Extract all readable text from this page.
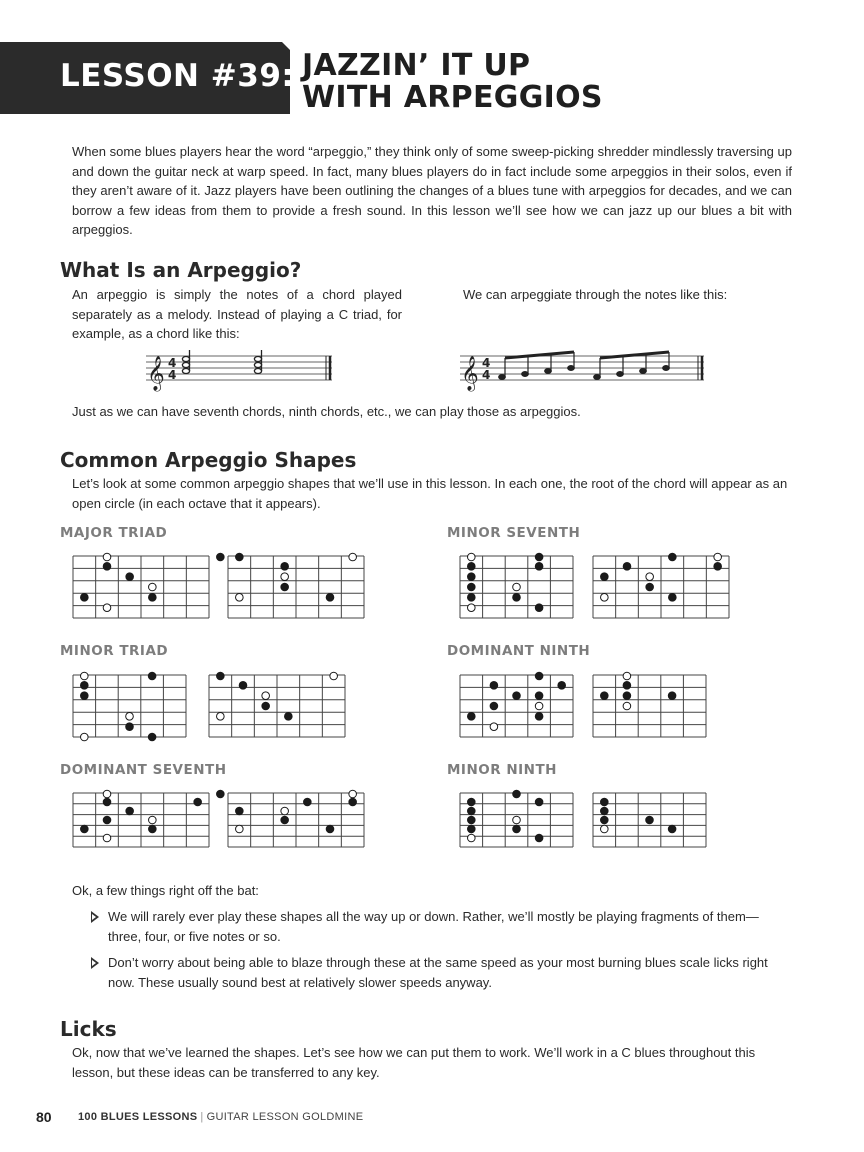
LESSON #39: JAZZIN’ IT UP
WITH ARPEGGIOS
When some blues players hear the word “arpeggio,” they think only of some sweep-picking shredder mindlessly traversing up and down the guitar neck at warp speed. In fact, many blues players do in fact include some arpeggios in their solos, even if they aren’t aware of it. Jazz players have been outlining the changes of a blues tune with arpeggios for decades, and we can borrow a few ideas from them to provide a fresh sound. In this lesson we’ll see how we can jazz up our blues a bit with arpeggios.
What Is an Arpeggio?
An arpeggio is simply the notes of a chord played separately as a melody. Instead of playing a C triad, for example, as a chord like this:
We can arpeggiate through the notes like this:
𝄞 4
4	𝄞 4
4
Just as we can have seventh chords, ninth chords, etc., we can play those as arpeggios.
Common Arpeggio Shapes
Let’s look at some common arpeggio shapes that we’ll use in this lesson. In each one, the root of the chord will appear as an open circle (in each octave that it appears).
MAJOR TRIAD	MINOR SEVENTH
MINOR TRIAD	DOMINANT NINTH
DOMINANT SEVENTH	MINOR NINTH
Ok, a few things right off the bat:
We will rarely ever play these shapes all the way up or down. Rather, we’ll mostly be playing fragments of them—three, four, or five notes or so.
Don’t worry about being able to blaze through these at the same speed as your most burning blues scale licks right now. These usually sound best at relatively slower speeds anyway.
Licks
Ok, now that we’ve learned the shapes. Let’s see how we can put them to work. We’ll work in a C blues throughout this lesson, but these ideas can be transferred to any key.
80 100 BLUES LESSONS | GUITAR LESSON GOLDMINE
